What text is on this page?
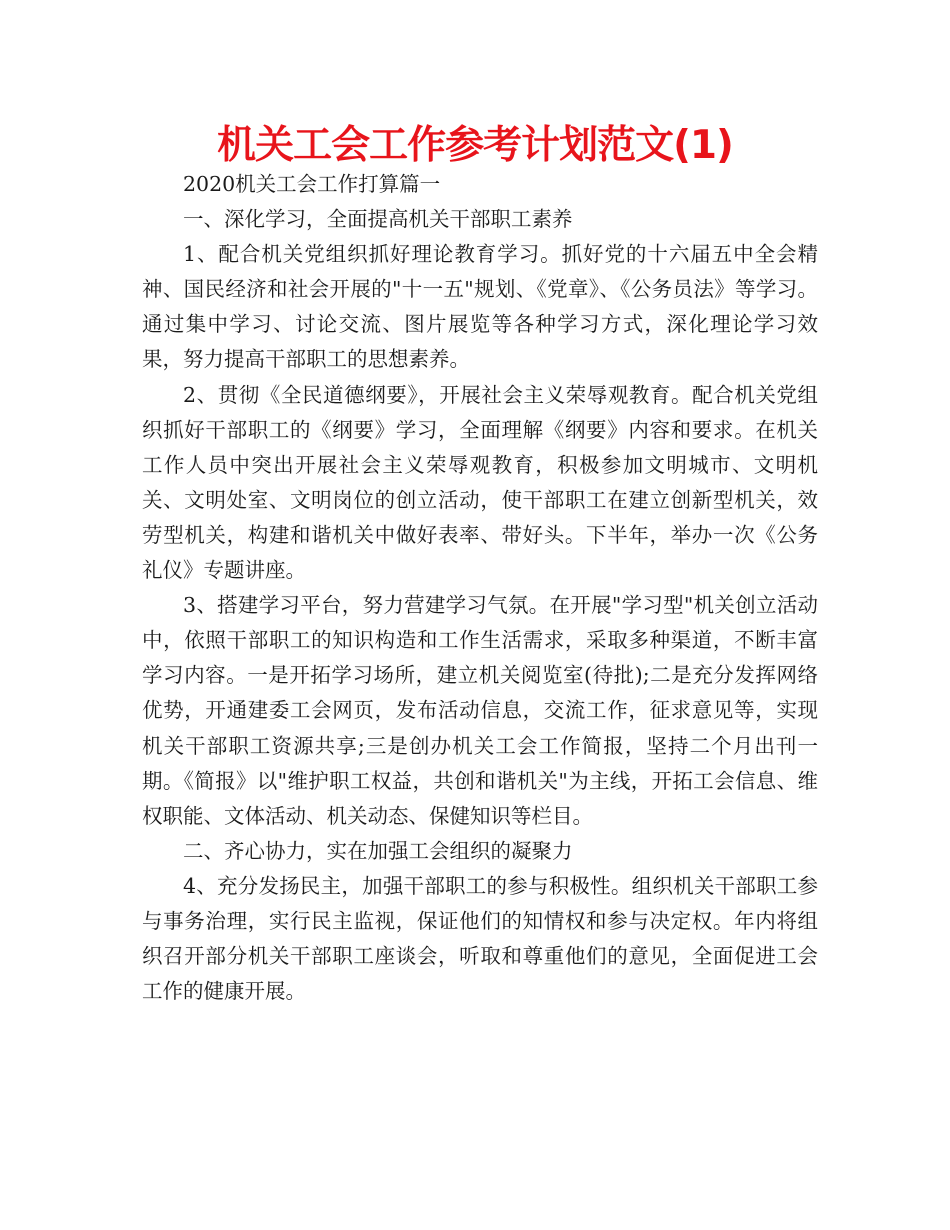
机关工会工作参考计划范文(1)

2020机关工会工作打算篇一

一、深化学习，全面提高机关干部职工素养

1、配合机关党组织抓好理论教育学习。抓好党的十六届五中全会精神、国民经济和社会开展的"十一五"规划、《党章》、《公务员法》等学习。通过集中学习、讨论交流、图片展览等各种学习方式，深化理论学习效果，努力提高干部职工的思想素养。

2、贯彻《全民道德纲要》，开展社会主义荣辱观教育。配合机关党组织抓好干部职工的《纲要》学习，全面理解《纲要》内容和要求。在机关工作人员中突出开展社会主义荣辱观教育，积极参加文明城市、文明机关、文明处室、文明岗位的创立活动，使干部职工在建立创新型机关，效劳型机关，构建和谐机关中做好表率、带好头。下半年，举办一次《公务礼仪》专题讲座。

3、搭建学习平台，努力营建学习气氛。在开展"学习型"机关创立活动中，依照干部职工的知识构造和工作生活需求，采取多种渠道，不断丰富学习内容。一是开拓学习场所，建立机关阅览室(待批);二是充分发挥网络优势，开通建委工会网页，发布活动信息，交流工作，征求意见等，实现机关干部职工资源共享;三是创办机关工会工作简报，坚持二个月出刊一期。《简报》以"维护职工权益，共创和谐机关"为主线，开拓工会信息、维权职能、文体活动、机关动态、保健知识等栏目。

二、齐心协力，实在加强工会组织的凝聚力

4、充分发扬民主，加强干部职工的参与积极性。组织机关干部职工参与事务治理，实行民主监视，保证他们的知情权和参与决定权。年内将组织召开部分机关干部职工座谈会，听取和尊重他们的意见，全面促进工会工作的健康开展。
